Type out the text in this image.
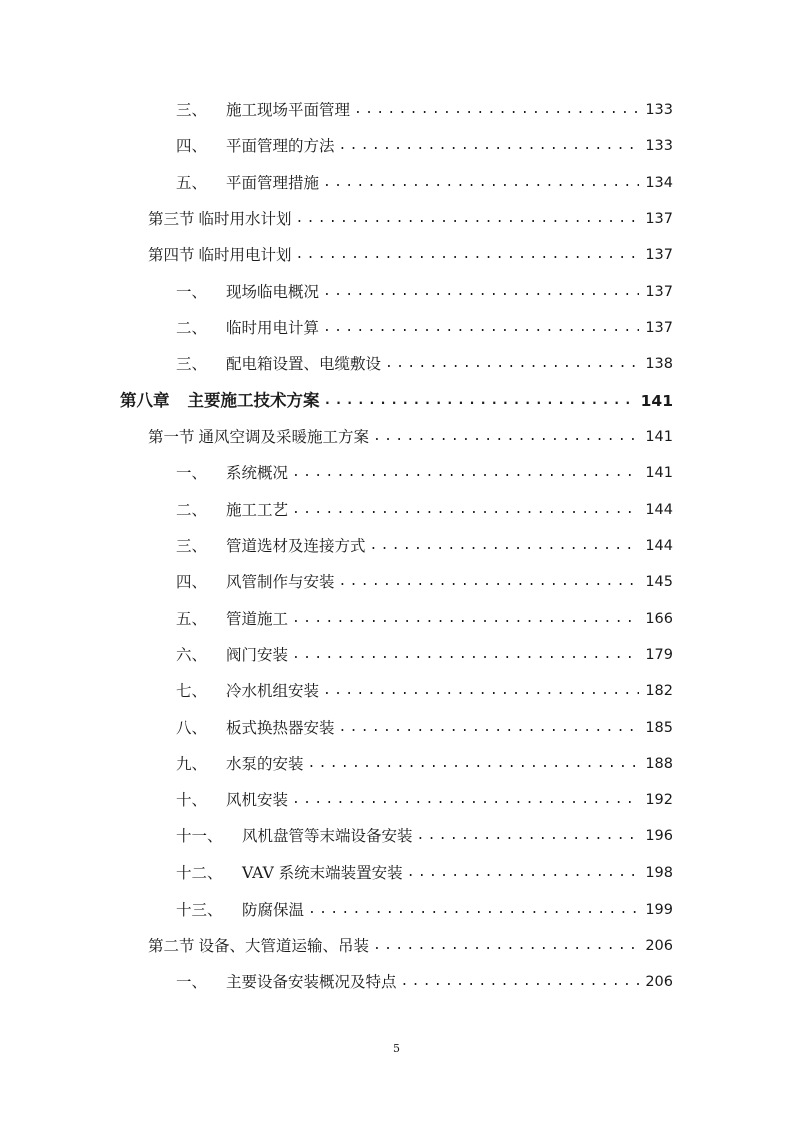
三、	施工现场平面管理 .....	133
四、	平面管理的方法 .....	133
五、	平面管理措施 .....	134
第三节 临时用水计划 .....	137
第四节 临时用电计划 .....	137
一、	现场临电概况 .....	137
二、	临时用电计算 .....	137
三、	配电箱设置、电缆敷设 .....	138
第八章 主要施工技术方案 .....	141
第一节 通风空调及采暖施工方案 .....	141
一、	系统概况 .....	141
二、	施工工艺 .....	144
三、	管道选材及连接方式 .....	144
四、	风管制作与安装 .....	145
五、	管道施工 .....	166
六、	阀门安装 .....	179
七、	冷水机组安装 .....	182
八、	板式换热器安装 .....	185
九、	水泵的安装 .....	188
十、	风机安装 .....	192
十一、	风机盘管等末端设备安装 .....	196
十二、	VAV 系统末端装置安装 .....	198
十三、	防腐保温 .....	199
第二节 设备、大管道运输、吊装 .....	206
一、	主要设备安装概况及特点 .....	206
5
